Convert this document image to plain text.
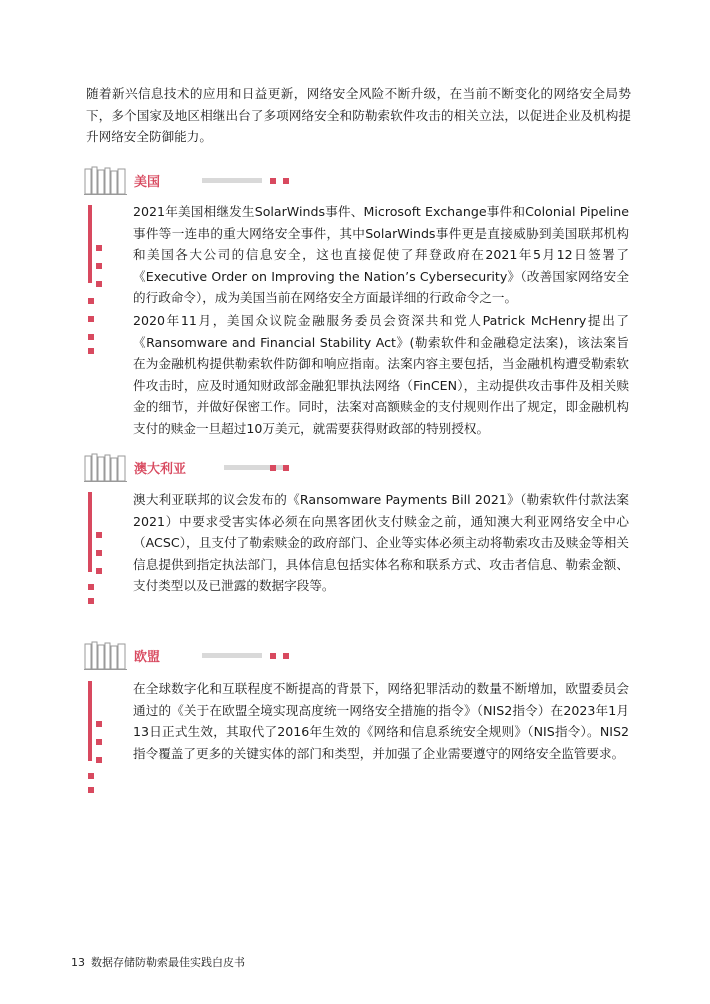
随着新兴信息技术的应用和日益更新，网络安全风险不断升级，在当前不断变化的网络安全局势下，多个国家及地区相继出台了多项网络安全和防勒索软件攻击的相关立法，以促进企业及机构提升网络安全防御能力。

美国

2021年美国相继发生SolarWinds事件、Microsoft Exchange事件和Colonial Pipeline事件等一连串的重大网络安全事件，其中SolarWinds事件更是直接威胁到美国联邦机构和美国各大公司的信息安全，这也直接促使了拜登政府在2021年5月12日签署了《Executive Order on Improving the Nation’s Cybersecurity》（改善国家网络安全的行政命令），成为美国当前在网络安全方面最详细的行政命令之一。

2020年11月，美国众议院金融服务委员会资深共和党人Patrick McHenry提出了《Ransomware and Financial Stability Act》(勒索软件和金融稳定法案)，该法案旨在为金融机构提供勒索软件防御和响应指南。法案内容主要包括，当金融机构遭受勒索软件攻击时，应及时通知财政部金融犯罪执法网络（FinCEN），主动提供攻击事件及相关赎金的细节，并做好保密工作。同时，法案对高额赎金的支付规则作出了规定，即金融机构支付的赎金一旦超过10万美元，就需要获得财政部的特别授权。

澳大利亚

澳大利亚联邦的议会发布的《Ransomware Payments Bill 2021》（勒索软件付款法案2021）中要求受害实体必须在向黑客团伙支付赎金之前，通知澳大利亚网络安全中心（ACSC），且支付了勒索赎金的政府部门、企业等实体必须主动将勒索攻击及赎金等相关信息提供到指定执法部门，具体信息包括实体名称和联系方式、攻击者信息、勒索金额、支付类型以及已泄露的数据字段等。

欧盟

在全球数字化和互联程度不断提高的背景下，网络犯罪活动的数量不断增加，欧盟委员会通过的《关于在欧盟全境实现高度统一网络安全措施的指令》（NIS2指令）在2023年1月13日正式生效，其取代了2016年生效的《网络和信息系统安全规则》（NIS指令）。NIS2指令覆盖了更多的关键实体的部门和类型，并加强了企业需要遵守的网络安全监管要求。

13 数据存储防勒索最佳实践白皮书
